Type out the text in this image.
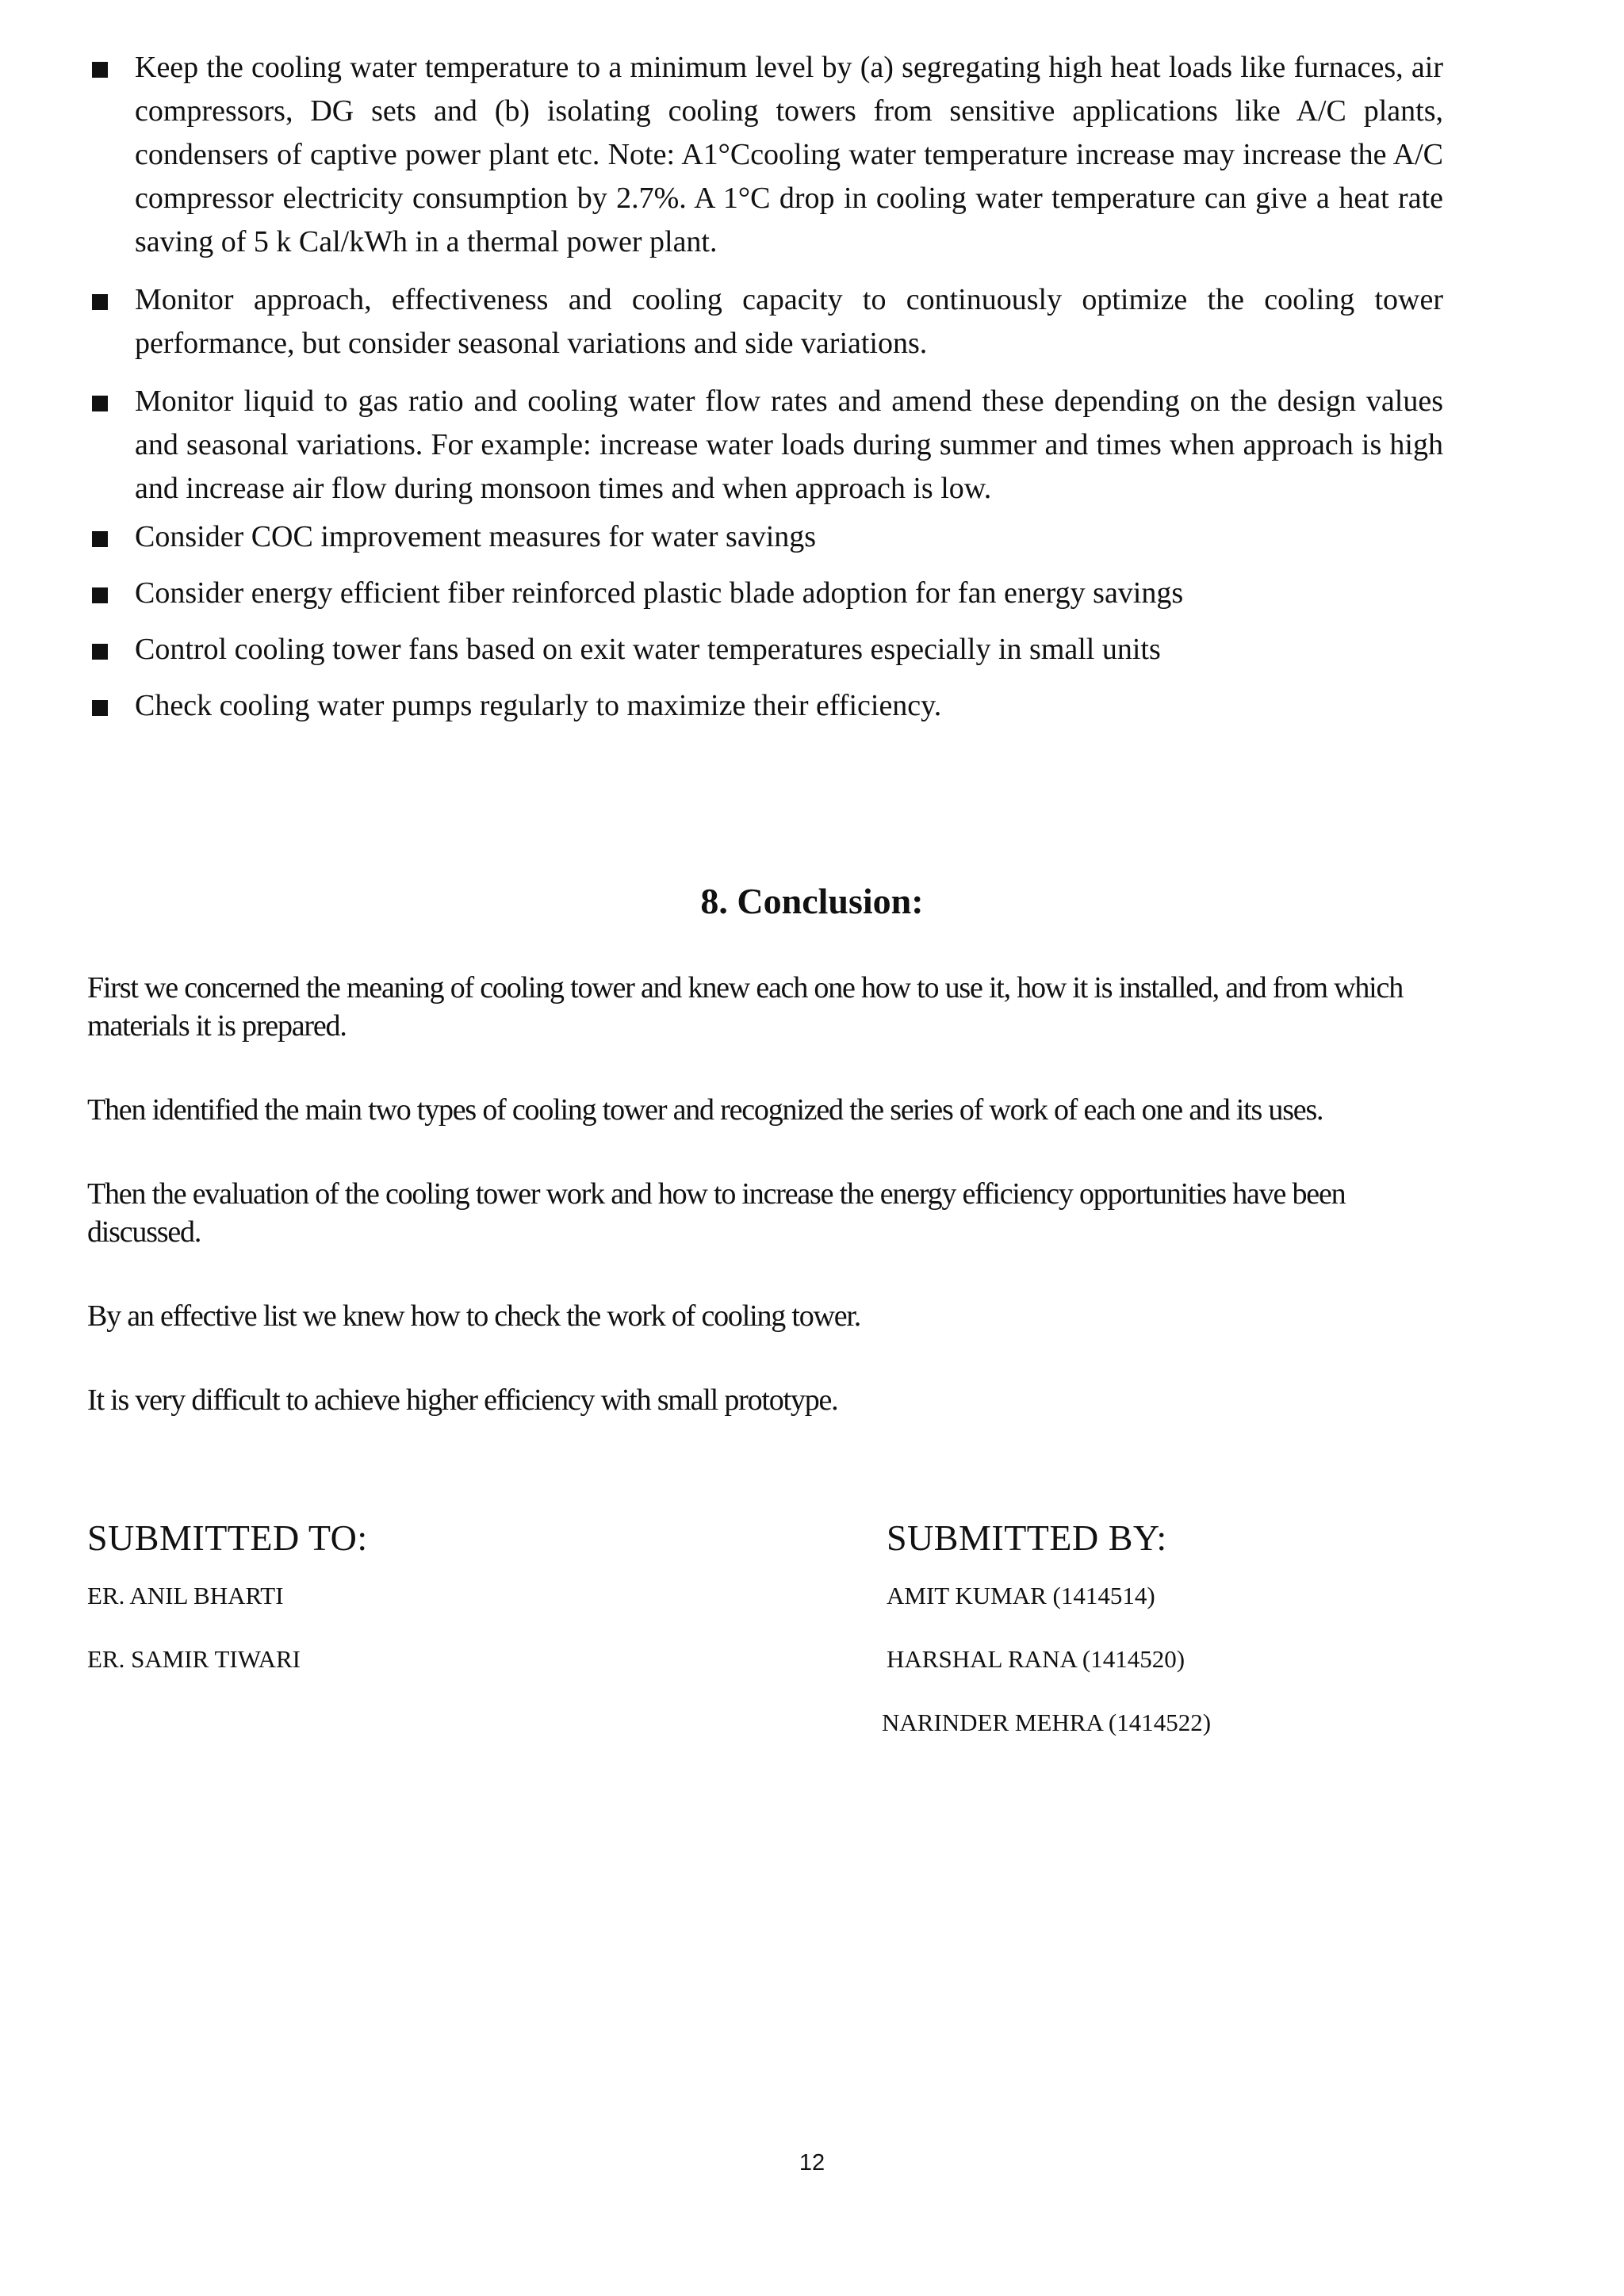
Keep the cooling water temperature to a minimum level by (a) segregating high heat loads like furnaces, air compressors, DG sets and (b) isolating cooling towers from sensitive applications like A/C plants, condensers of captive power plant etc. Note: A1°Ccooling water temperature increase may increase the A/C compressor electricity consumption by 2.7%. A 1°C drop in cooling water temperature can give a heat rate saving of 5 k Cal/kWh in a thermal power plant.
Monitor approach, effectiveness and cooling capacity to continuously optimize the cooling tower performance, but consider seasonal variations and side variations.
Monitor liquid to gas ratio and cooling water flow rates and amend these depending on the design values and seasonal variations. For example: increase water loads during summer and times when approach is high and increase air flow during monsoon times and when approach is low.
Consider COC improvement measures for water savings
Consider energy efficient fiber reinforced plastic blade adoption for fan energy savings
Control cooling tower fans based on exit water temperatures especially in small units
Check cooling water pumps regularly to maximize their efficiency.
8. Conclusion:

First we concerned the meaning of cooling tower and knew each one how to use it, how it is installed, and from which materials it is prepared.

Then identified the main two types of cooling tower and recognized the series of work of each one and its uses.

Then the evaluation of the cooling tower work and how to increase the energy efficiency opportunities have been discussed.

By an effective list we knew how to check the work of cooling tower.

It is very difficult to achieve higher efficiency with small prototype.

SUBMITTED TO:
ER. ANIL BHARTI
ER. SAMIR TIWARI
SUBMITTED BY:
AMIT KUMAR (1414514)
HARSHAL RANA (1414520)
NARINDER MEHRA (1414522)
12
